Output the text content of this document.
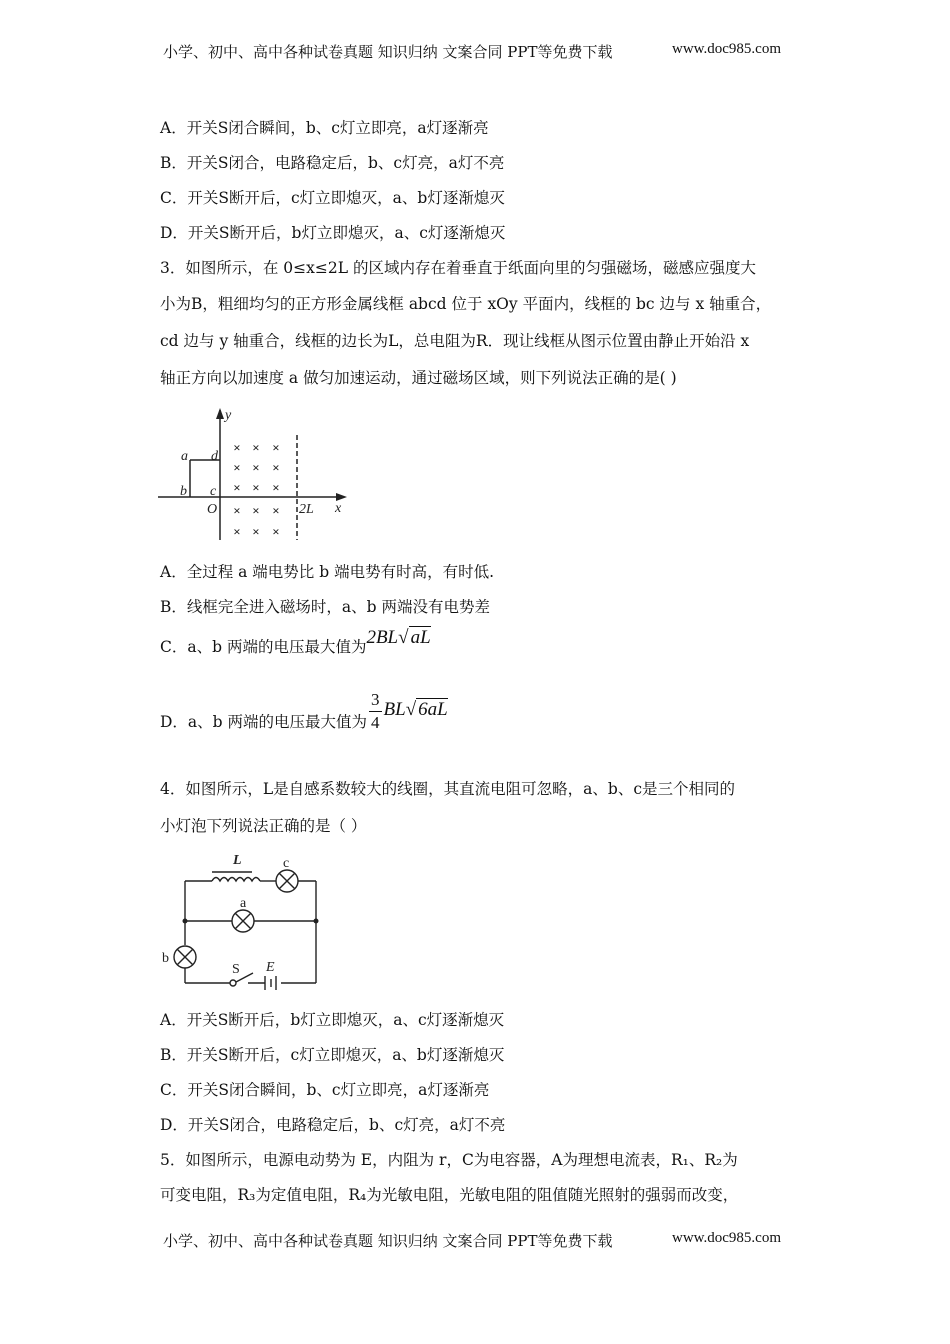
小学、初中、高中各种试卷真题 知识归纳 文案合同 PPT等免费下载	www.doc985.com
A．开关S闭合瞬间，b、c灯立即亮，a灯逐渐亮
B．开关S闭合，电路稳定后，b、c灯亮，a灯不亮
C．开关S断开后，c灯立即熄灭，a、b灯逐渐熄灭
D．开关S断开后，b灯立即熄灭，a、c灯逐渐熄灭
3．如图所示，在 0≤x≤2L 的区域内存在着垂直于纸面向里的匀强磁场，磁感应强度大
小为B，粗细均匀的正方形金属线框 abcd 位于 xOy 平面内，线框的 bc 边与 x 轴重合，
cd 边与 y 轴重合，线框的边长为L，总电阻为R．现让线框从图示位置由静止开始沿 x
轴正方向以加速度 a 做匀加速运动，通过磁场区域，则下列说法正确的是( )
× × ×
× × ×
× × ×
× × ×
× × ×
y
x
a
b c
d
O	2L
A．全过程 a 端电势比 b 端电势有时高，有时低.
B．线框完全进入磁场时，a、b 两端没有电势差
C．a、b 两端的电压最大值为2BL√ aL
D．a、b 两端的电压最大值为 $\frac{3}{4} BL√$ 6aL
4．如图所示，L是自感系数较大的线圈，其直流电阻可忽略，a、b、c是三个相同的
小灯泡下列说法正确的是（ ）
L	c
a
b
S E
A．开关S断开后，b灯立即熄灭，a、c灯逐渐熄灭
B．开关S断开后，c灯立即熄灭，a、b灯逐渐熄灭
C．开关S闭合瞬间，b、c灯立即亮，a灯逐渐亮
D．开关S闭合，电路稳定后，b、c灯亮，a灯不亮
5．如图所示，电源电动势为 E，内阻为 r，C为电容器，A为理想电流表，R₁、R₂为
可变电阻，R₃为定值电阻，R₄为光敏电阻，光敏电阻的阻值随光照射的强弱而改变，
小学、初中、高中各种试卷真题 知识归纳 文案合同 PPT等免费下载	www.doc985.com
